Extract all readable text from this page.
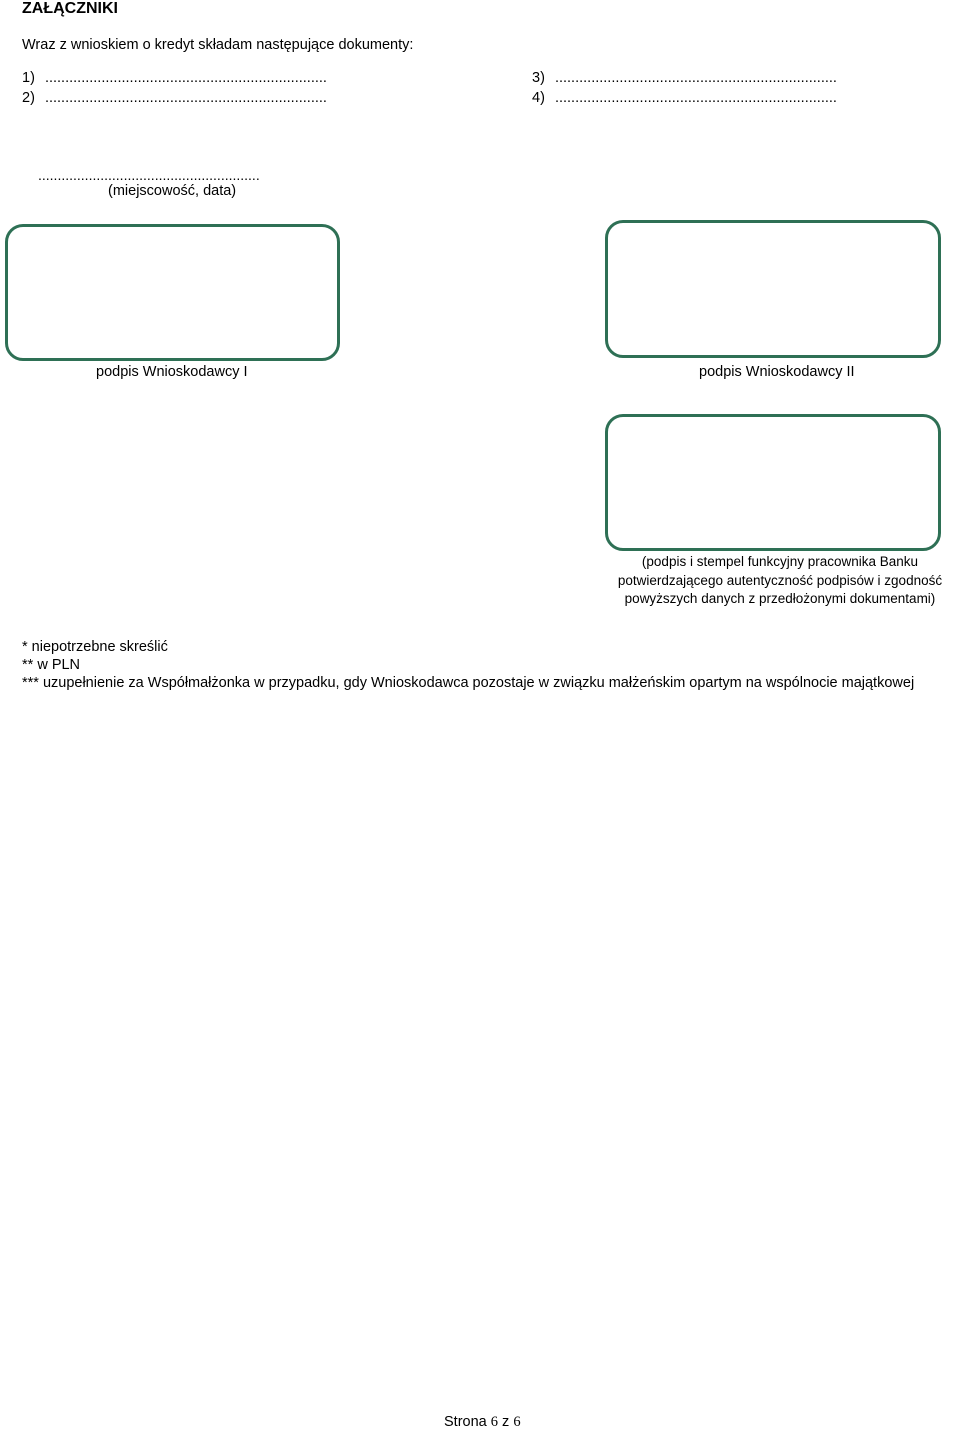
ZAŁĄCZNIKI
Wraz z wnioskiem o kredyt składam następujące dokumenty:
1) ......................................................................
2) ......................................................................
3) ......................................................................
4) ......................................................................
.........................................................
(miejscowość, data)
podpis Wnioskodawcy I	podpis Wnioskodawcy II
(podpis i stempel funkcyjny pracownika Banku
potwierdzającego autentyczność podpisów i zgodność
powyższych danych z przedłożonymi dokumentami)
* niepotrzebne skreślić
** w PLN
*** uzupełnienie za Współmałżonka w przypadku, gdy Wnioskodawca pozostaje w związku małżeńskim opartym na wspólnocie majątkowej
Strona 6 z 6
